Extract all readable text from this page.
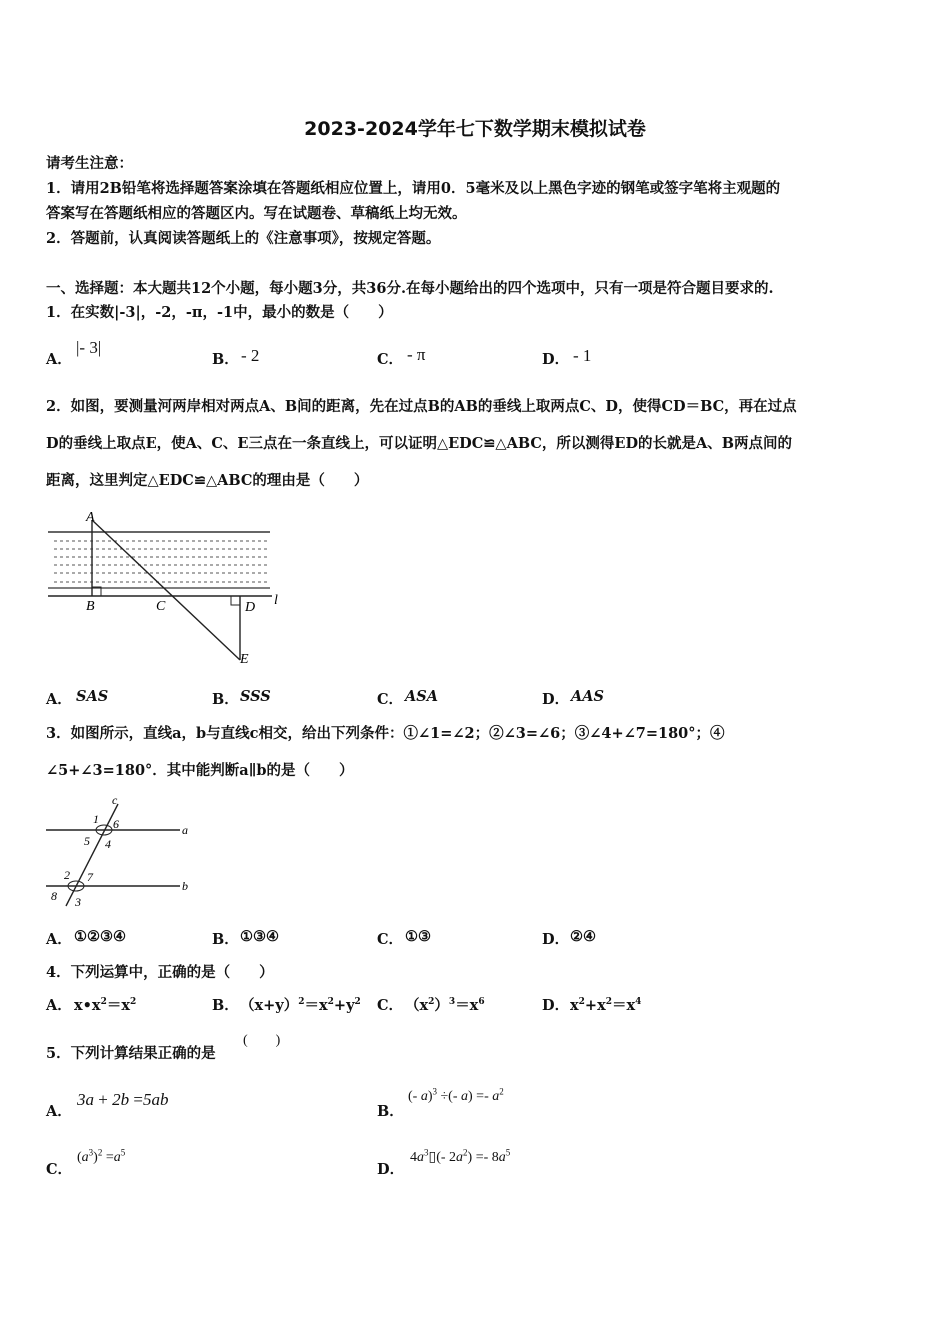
2023-2024学年七下数学期末模拟试卷
请考生注意：
1．请用2B铅笔将选择题答案涂填在答题纸相应位置上，请用0．5毫米及以上黑色字迹的钢笔或签字笔将主观题的
答案写在答题纸相应的答题区内。写在试题卷、草稿纸上均无效。
2．答题前，认真阅读答题纸上的《注意事项》，按规定答题。
一、选择题：本大题共12个小题，每小题3分，共36分.在每小题给出的四个选项中，只有一项是符合题目要求的.
1．在实数|-3|，-2，-π，-1中，最小的数是（　　）
A．
|- 3|
B． - 2	C． - π	D． - 1
2．如图，要测量河两岸相对两点A、B间的距离，先在过点B的AB的垂线上取两点C、D，使得CD＝BC，再在过点
D的垂线上取点E，使A、C、E三点在一条直线上，可以证明△EDC≌△ABC，所以测得ED的长就是A、B两点间的
距离，这里判定△EDC≌△ABC的理由是（　　）
A
B	C	D
E
l
A． SAS	B． SSS	C． ASA	D． AAS
3．如图所示，直线a，b与直线c相交，给出下列条件：①∠1=∠2；②∠3=∠6；③∠4+∠7=180°；④
∠5+∠3=180°．其中能判断a∥b的是（　　）
c
a
b
1 6
5 4
2 7
8 3
A． ①②③④	B． ①③④	C． ①③	D． ②④
4．下列运算中，正确的是（　　）
A． $x•x^2=x^2$	B． $(x+y)^2=x^2+y^2$ C． $(x^2)^3=x^6$	D． $x^2+x^2=x^4$
5．下列计算结果正确的是
(　　)
A．
3a + 2b =5ab
B．
(- a)$^3$ ÷(- $a) =- a^2$
C．
$(a^3)^2 =a^5$
D．
$4a^3▯(-$ $2a^2) =- 8a^5$
